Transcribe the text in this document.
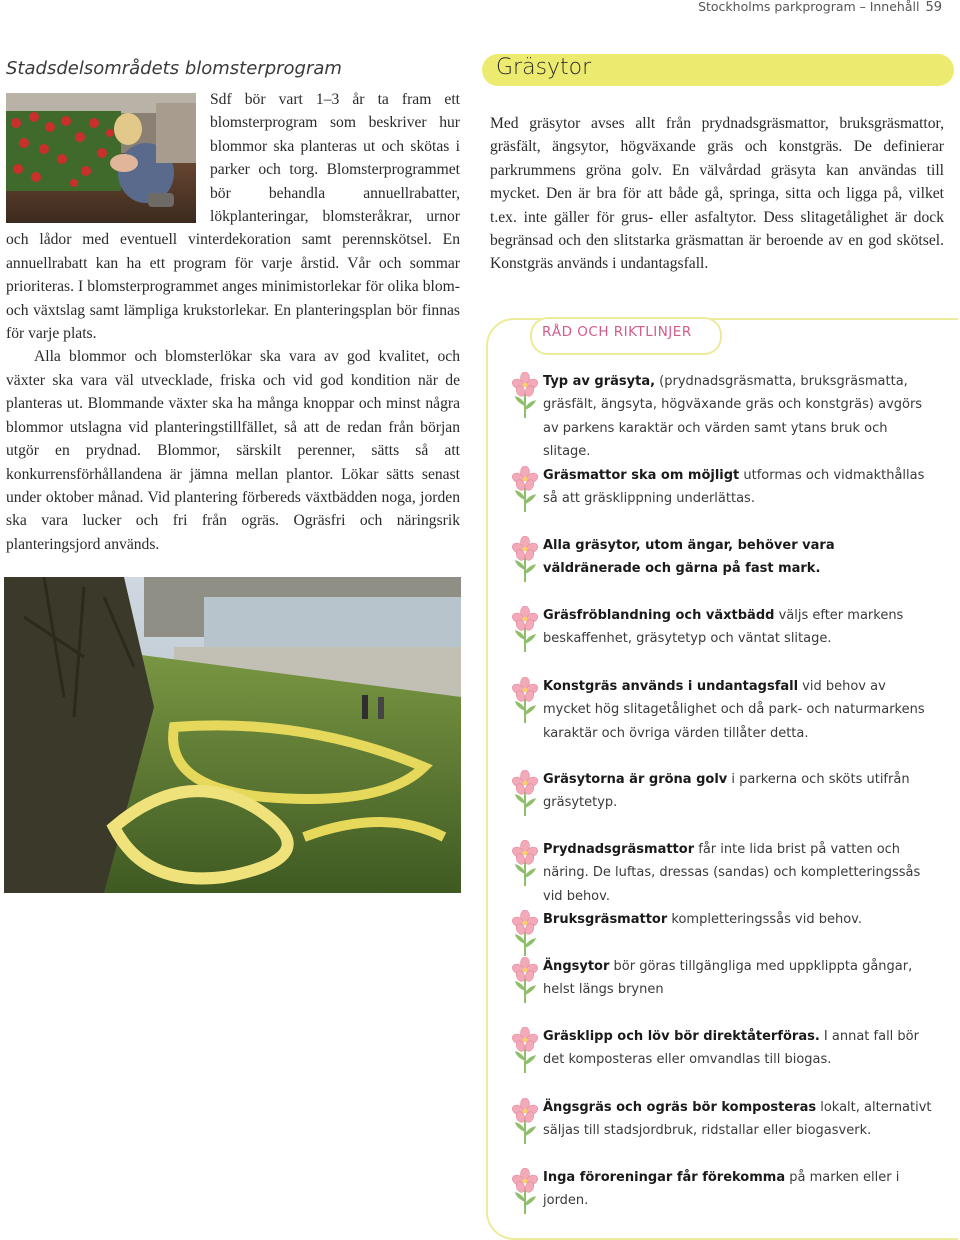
Stockholms parkprogram – Innehåll 59
Stadsdelsområdets blomsterprogram

Sdf bör vart 1–3 år ta fram ett blomsterprogram som beskriver hur blommor ska planteras ut och skötas i parker och torg. Blomsterprogrammet bör behandla annuellrabatter, lökplanteringar, blomsteråkrar, urnor och lådor med eventuell vinterdekoration samt perennskötsel. En annuellrabatt kan ha ett program för varje årstid. Vår och sommar prioriteras. I blomsterprogrammet anges minimistorlekar för olika blom- och växtslag samt lämpliga krukstorlekar. En planteringsplan bör finnas för varje plats.

Alla blommor och blomsterlökar ska vara av god kvalitet, och växter ska vara väl utvecklade, friska och vid god kondition när de planteras ut. Blommande växter ska ha många knoppar och minst några blommor utslagna vid planteringstillfället, så att de redan från början utgör en prydnad. Blommor, särskilt perenner, sätts så att konkurrensförhållandena är jämna mellan plantor. Lökar sätts senast under oktober månad. Vid plantering förbereds växtbädden noga, jorden ska vara lucker och fri från ogräs. Ogräsfri och näringsrik planteringsjord används.

Gräsytor

Med gräsytor avses allt från prydnadsgräsmattor, bruksgräsmattor, gräsfält, ängsytor, högväxande gräs och konstgräs. De definierar parkrummens gröna golv. En välvårdad gräsyta kan användas till mycket. Den är bra för att både gå, springa, sitta och ligga på, vilket t.ex. inte gäller för grus- eller asfaltytor. Dess slitagetålighet är dock begränsad och den slitstarka gräsmattan är beroende av en god skötsel. Konstgräs används i undantagsfall.

RÅD OCH RIKTLINJER
Typ av gräsyta, (prydnadsgräsmatta, bruksgräsmatta, gräsfält, ängsyta, högväxande gräs och konstgräs) avgörs av parkens karaktär och värden samt ytans bruk och slitage.
Gräsmattor ska om möjligt utformas och vidmakthållas så att gräsklippning underlättas.
Alla gräsytor, utom ängar, behöver vara väldränerade och gärna på fast mark.
Gräsfröblandning och växtbädd väljs efter markens beskaffenhet, gräsytetyp och väntat slitage.
Konstgräs används i undantagsfall vid behov av mycket hög slitagetålighet och då park- och naturmarkens karaktär och övriga värden tillåter detta.
Gräsytorna är gröna golv i parkerna och sköts utifrån gräsytetyp.
Prydnadsgräsmattor får inte lida brist på vatten och näring. De luftas, dressas (sandas) och kompletteringssås vid behov.
Bruksgräsmattor kompletteringssås vid behov.
Ängsytor bör göras tillgängliga med uppklippta gångar, helst längs brynen
Gräsklipp och löv bör direktåterföras. I annat fall bör det komposteras eller omvandlas till biogas.
Ängsgräs och ogräs bör komposteras lokalt, alternativt säljas till stadsjordbruk, ridstallar eller biogasverk.
Inga föroreningar får förekomma på marken eller i jorden.
